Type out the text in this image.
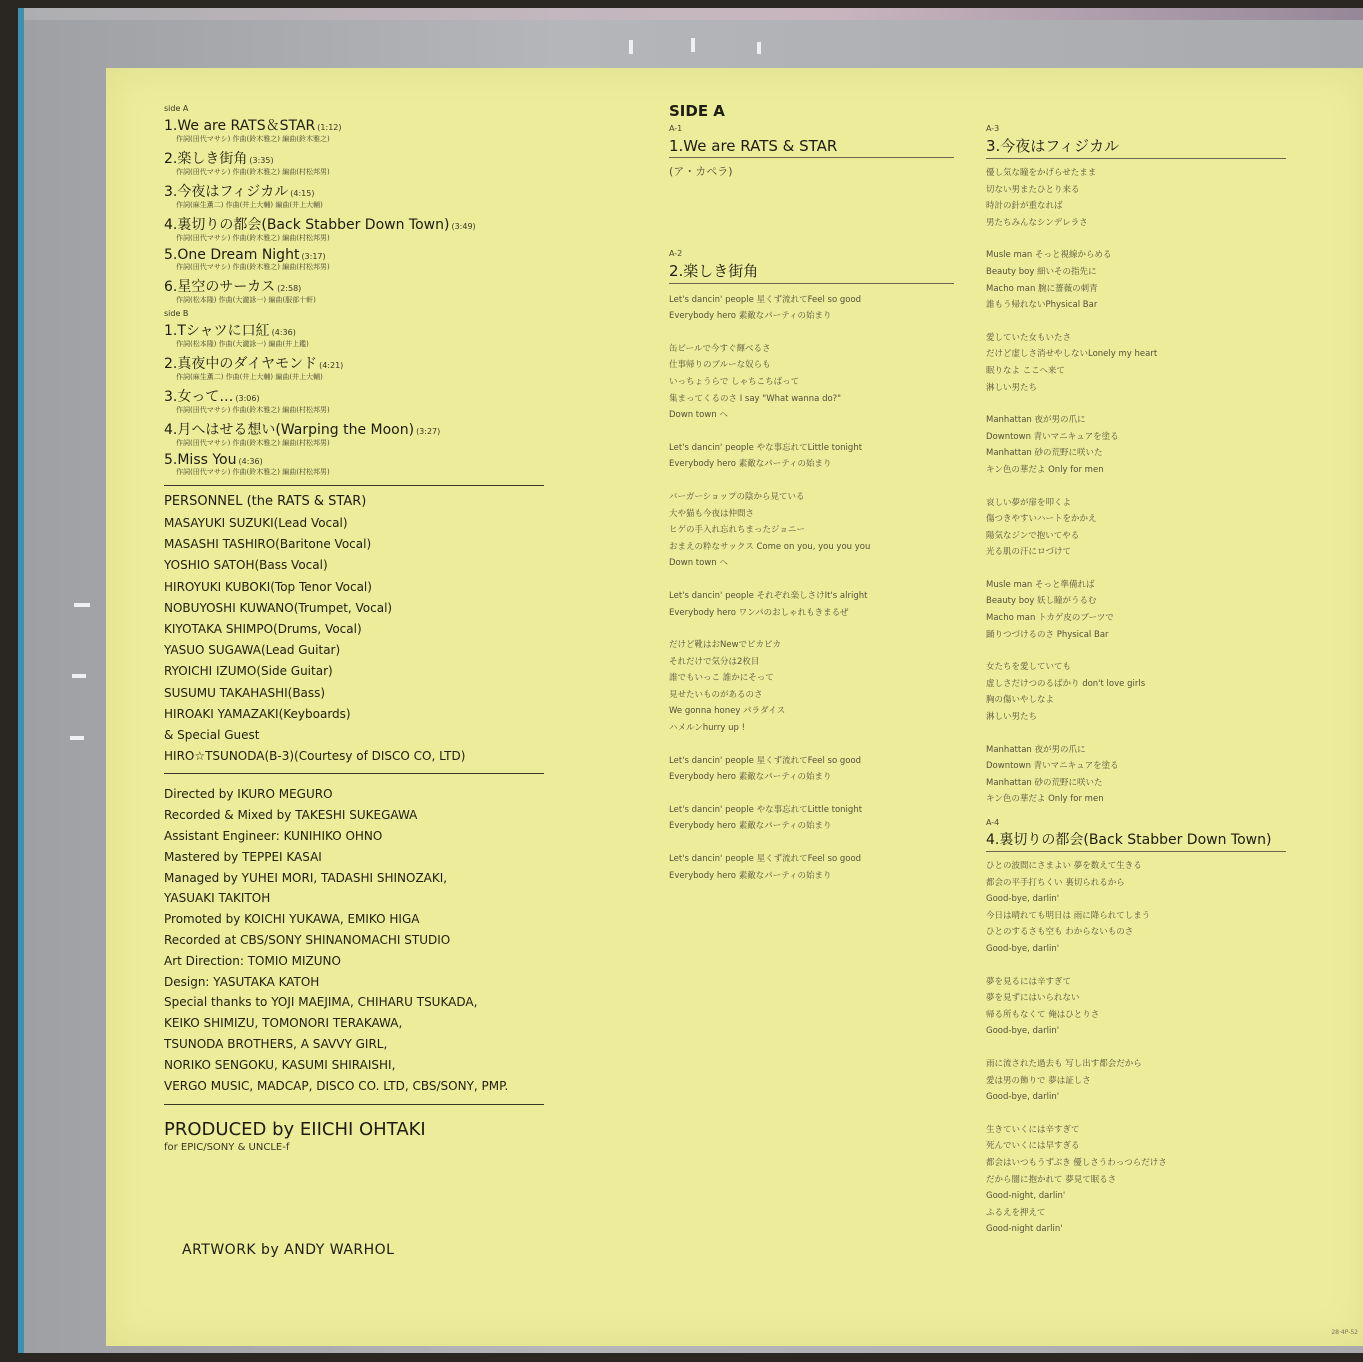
side A
1.We are RATS＆STAR (1:12)
作詞(田代マサシ) 作曲(鈴木雅之) 編曲(鈴木雅之)
2.楽しき街角 (3:35)
作詞(田代マサシ) 作曲(鈴木雅之) 編曲(村松邦男)
3.今夜はフィジカル (4:15)
作詞(麻生薫二) 作曲(井上大輔) 編曲(井上大輔)
4.裏切りの都会(Back Stabber Down Town) (3:49)
作詞(田代マサシ) 作曲(鈴木雅之) 編曲(村松邦男)
5.One Dream Night (3:17)
作詞(田代マサシ) 作曲(鈴木雅之) 編曲(村松邦男)
6.星空のサーカス (2:58)
作詞(松本隆) 作曲(大瀧詠一) 編曲(服部十軒)
side B
1.Tシャツに口紅 (4:36)
作詞(松本隆) 作曲(大瀧詠一) 編曲(井上鑑)
2.真夜中のダイヤモンド (4:21)
作詞(麻生薫二) 作曲(井上大輔) 編曲(井上大輔)
3.女って… (3:06)
作詞(田代マサシ) 作曲(鈴木雅之) 編曲(村松邦男)
4.月へはせる想い(Warping the Moon) (3:27)
作詞(田代マサシ) 作曲(鈴木雅之) 編曲(村松邦男)
5.Miss You (4:36)
作詞(田代マサシ) 作曲(鈴木雅之) 編曲(村松邦男)
PERSONNEL (the RATS & STAR)
MASAYUKI SUZUKI(Lead Vocal)
MASASHI TASHIRO(Baritone Vocal)
YOSHIO SATOH(Bass Vocal)
HIROYUKI KUBOKI(Top Tenor Vocal)
NOBUYOSHI KUWANO(Trumpet, Vocal)
KIYOTAKA SHIMPO(Drums, Vocal)
YASUO SUGAWA(Lead Guitar)
RYOICHI IZUMO(Side Guitar)
SUSUMU TAKAHASHI(Bass)
HIROAKI YAMAZAKI(Keyboards)
& Special Guest
HIRO☆TSUNODA(B-3)(Courtesy of DISCO CO, LTD)
Directed by IKURO MEGURO
Recorded & Mixed by TAKESHI SUKEGAWA
Assistant Engineer: KUNIHIKO OHNO
Mastered by TEPPEI KASAI
Managed by YUHEI MORI, TADASHI SHINOZAKI,
YASUAKI TAKITOH
Promoted by KOICHI YUKAWA, EMIKO HIGA
Recorded at CBS/SONY SHINANOMACHI STUDIO
Art Direction: TOMIO MIZUNO
Design: YASUTAKA KATOH
Special thanks to YOJI MAEJIMA, CHIHARU TSUKADA,
KEIKO SHIMIZU, TOMONORI TERAKAWA,
TSUNODA BROTHERS, A SAVVY GIRL,
NORIKO SENGOKU, KASUMI SHIRAISHI,
VERGO MUSIC, MADCAP, DISCO CO. LTD, CBS/SONY, PMP.
PRODUCED by EIICHI OHTAKI
for EPIC/SONY & UNCLE-f
ARTWORK by ANDY WARHOL
SIDE A
A-1
1.We are RATS & STAR
(ア・カペラ)
A-2
2.楽しき街角
Let's dancin' people 星くず流れてFeel so good
Everybody hero 素敵なパーティの始まり
缶ビールで今すぐ輝べるさ
仕事帰りのブルーな奴らも
いっちょうらで しゃちこちばって
集まってくるのさ I say "What wanna do?"
Down town へ
Let's dancin' people やな事忘れてLittle tonight
Everybody hero 素敵なパーティの始まり
バーガーショップの陰から見ている
大や猫も今夜は仲間さ
ヒゲの手入れ忘れちまったジョニー
おまえの粋なサックス Come on you, you you you
Down town へ
Let's dancin' people それぞれ楽しさけIt's alright
Everybody hero ワンパのおしゃれもきまるぜ
だけど靴はおNewでピカピカ
それだけで気分は2枚目
誰でもいっこ 誰かにそって
見せたいものがあるのさ
We gonna honey パラダイス
ハメルンhurry up !
Let's dancin' people 星くず流れてFeel so good
Everybody hero 素敵なパーティの始まり
Let's dancin' people やな事忘れてLittle tonight
Everybody hero 素敵なパーティの始まり
Let's dancin' people 星くず流れてFeel so good
Everybody hero 素敵なパーティの始まり
A-3
3.今夜はフィジカル
優し気な瞳をかげらせたまま
切ない男またひとり来る
時計の針が重なれば
男たちみんなシンデレラさ
Musle man そっと視線からめる
Beauty boy 細いその指先に
Macho man 腕に薔薇の刺青
誰もう帰れないPhysical Bar
愛していた女もいたさ
だけど虚しさ消せやしないLonely my heart
眠りなよ ここへ来て
淋しい男たち
Manhattan 夜が男の爪に
Downtown 青いマニキュアを塗る
Manhattan 砂の荒野に咲いた
キン色の華だよ Only for men
哀しい夢が扉を叩くよ
傷つきやすいハートをかかえ
陽気なジンで抱いてやる
光る肌の汗にロづけて
Musle man そっと準備れば
Beauty boy 妖し瞳がうるむ
Macho man トカゲ皮のブーツで
踊りつづけるのさ Physical Bar
女たちを愛していても
虚しさだけつのるばかり don't love girls
胸の傷いやしなよ
淋しい男たち
Manhattan 夜が男の爪に
Downtown 青いマニキュアを塗る
Manhattan 砂の荒野に咲いた
キン色の華だよ Only for men
A-4
4.裏切りの都会(Back Stabber Down Town)
ひとの波間にさまよい 夢を数えて生きる
都会の平手打ちくい 裏切られるから
Good-bye, darlin'
今日は晴れても明日は 雨に降られてしまう
ひとのするさも空も わからないものさ
Good-bye, darlin'
夢を見るには辛すぎて
夢を見ずにはいられない
帰る所もなくて 俺はひとりさ
Good-bye, darlin'
雨に流された過去も 写し出す都会だから
愛は男の飾りで 夢は証しさ
Good-bye, darlin'
生きていくには辛すぎて
死んでいくには早すぎる
都会はいつもうずぶき 優しさうわっつらだけさ
だから闇に抱かれて 夢見て眠るさ
Good-night, darlin'
ふるえを押えて
Good-night darlin'
28·4P-52
